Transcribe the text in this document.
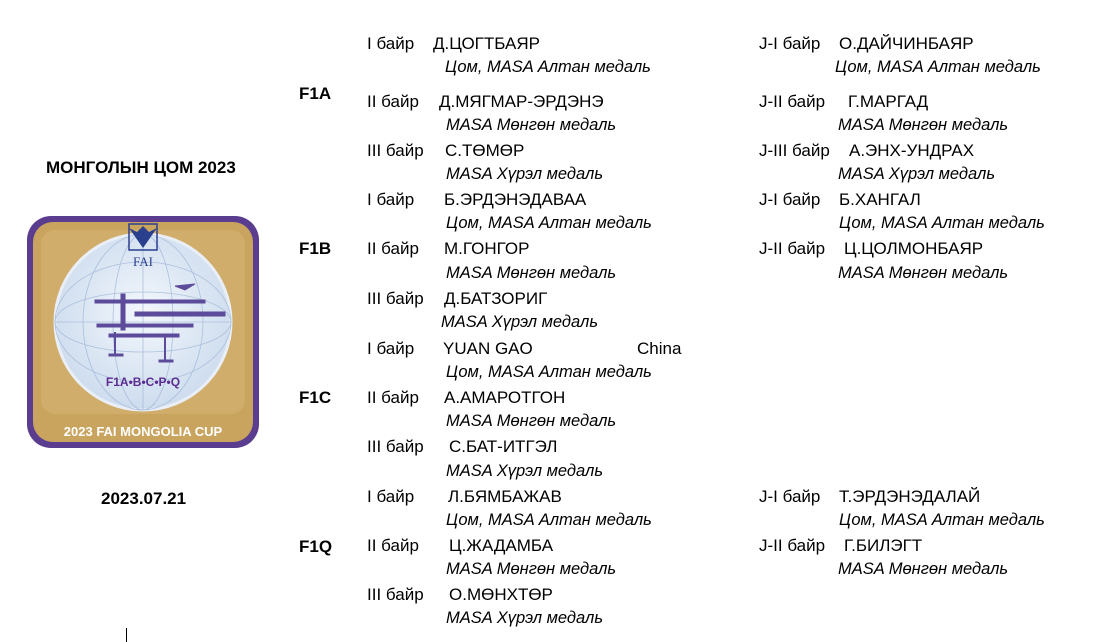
МОНГОЛЫН ЦОМ 2023
FAI
F1A•B•C•P•Q
2023 FAI MONGOLIA CUP
2023.07.21
F1A
F1B
F1C
F1Q
I байр Д.ЦОГТБАЯР
Цом, MASA Алтан медаль
II байр Д.МЯГМАР-ЭРДЭНЭ
MASA Мөнгөн медаль
III байр С.ТӨМӨР
MASA Хүрэл медаль
I байр Б.ЭРДЭНЭДАВАА
Цом, MASA Алтан медаль
II байр М.ГОНГОР
MASA Мөнгөн медаль
III байр Д.БАТЗОРИГ
MASA Хүрэл медаль
I байр YUAN GAO	China
Цом, MASA Алтан медаль
II байр А.АМАРОТГОН
MASA Мөнгөн медаль
III байр С.БАТ-ИТГЭЛ
MASA Хүрэл медаль
I байр Л.БЯМБАЖАВ
Цом, MASA Алтан медаль
II байр Ц.ЖАДАМБА
MASA Мөнгөн медаль
III байр О.МӨНХТӨР
MASA Хүрэл медаль
J-I байр О.ДАЙЧИНБАЯР
Цом, MASA Алтан медаль
J-II байр Г.МАРГАД
MASA Мөнгөн медаль
J-III байр А.ЭНХ-УНДРАХ
MASA Хүрэл медаль
J-I байр Б.ХАНГАЛ
Цом, MASA Алтан медаль
J-II байр Ц.ЦОЛМОНБАЯР
MASA Мөнгөн медаль
J-I байр Т.ЭРДЭНЭДАЛАЙ
Цом, MASA Алтан медаль
J-II байр Г.БИЛЭГТ
MASA Мөнгөн медаль
